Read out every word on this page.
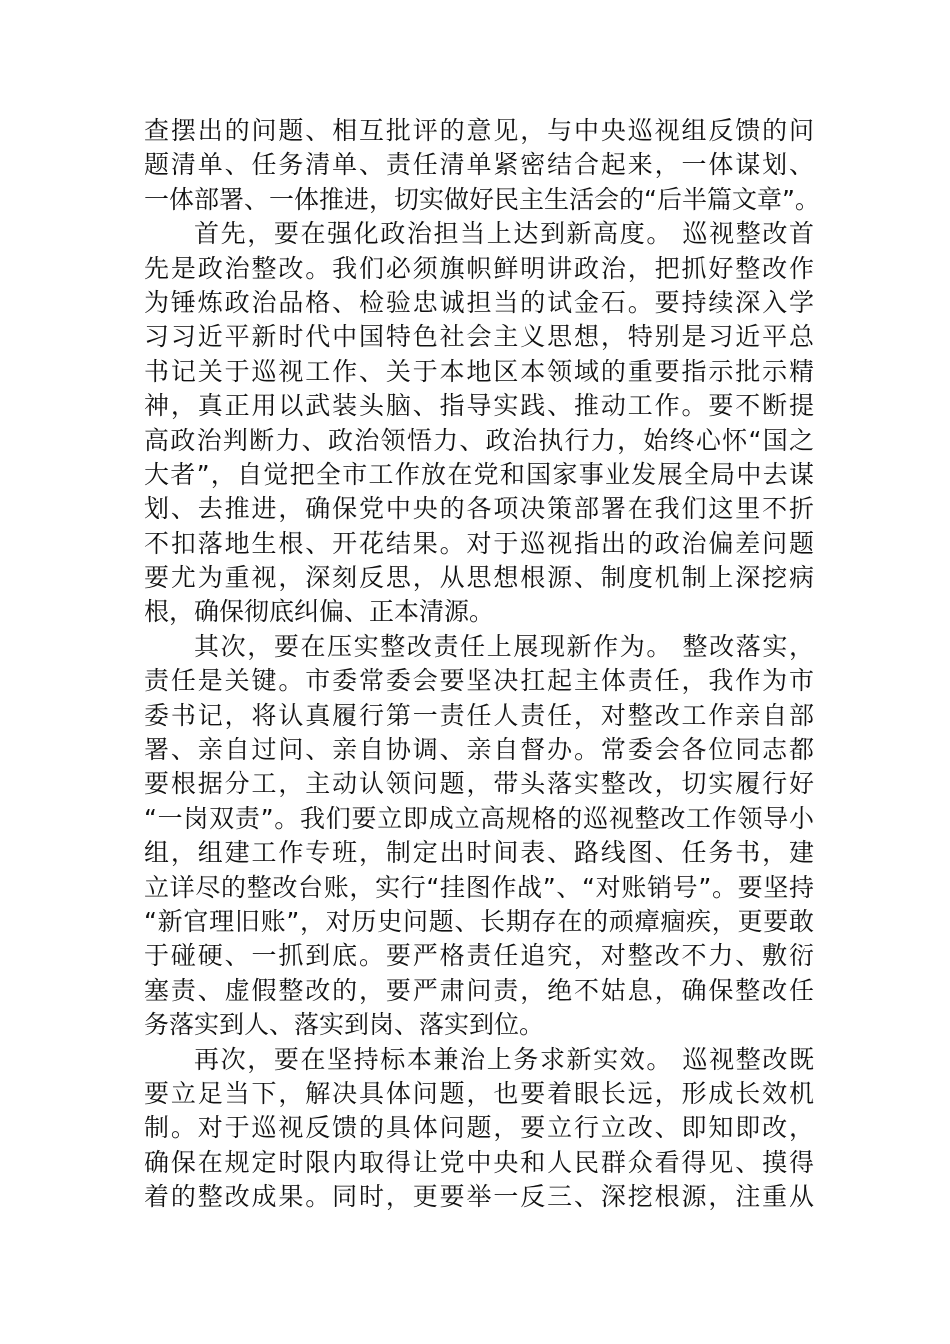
查摆出的问题、相互批评的意见，与中央巡视组反馈的问
题清单、任务清单、责任清单紧密结合起来，一体谋划、
一体部署、一体推进，切实做好民主生活会的“后半篇文章”。
首先，要在强化政治担当上达到新高度。 巡视整改首
先是政治整改。我们必须旗帜鲜明讲政治，把抓好整改作
为锤炼政治品格、检验忠诚担当的试金石。要持续深入学
习习近平新时代中国特色社会主义思想，特别是习近平总
书记关于巡视工作、关于本地区本领域的重要指示批示精
神，真正用以武装头脑、指导实践、推动工作。要不断提
高政治判断力、政治领悟力、政治执行力，始终心怀“国之
大者”，自觉把全市工作放在党和国家事业发展全局中去谋
划、去推进，确保党中央的各项决策部署在我们这里不折
不扣落地生根、开花结果。对于巡视指出的政治偏差问题
要尤为重视，深刻反思，从思想根源、制度机制上深挖病
根，确保彻底纠偏、正本清源。
其次，要在压实整改责任上展现新作为。 整改落实，
责任是关键。市委常委会要坚决扛起主体责任，我作为市
委书记，将认真履行第一责任人责任，对整改工作亲自部
署、亲自过问、亲自协调、亲自督办。常委会各位同志都
要根据分工，主动认领问题，带头落实整改，切实履行好
“一岗双责”。我们要立即成立高规格的巡视整改工作领导小
组，组建工作专班，制定出时间表、路线图、任务书，建
立详尽的整改台账，实行“挂图作战”、“对账销号”。要坚持
“新官理旧账”，对历史问题、长期存在的顽瘴痼疾，更要敢
于碰硬、一抓到底。要严格责任追究，对整改不力、敷衍
塞责、虚假整改的，要严肃问责，绝不姑息，确保整改任
务落实到人、落实到岗、落实到位。
再次，要在坚持标本兼治上务求新实效。 巡视整改既
要立足当下，解决具体问题，也要着眼长远，形成长效机
制。对于巡视反馈的具体问题，要立行立改、即知即改，
确保在规定时限内取得让党中央和人民群众看得见、摸得
着的整改成果。同时，更要举一反三、深挖根源，注重从
